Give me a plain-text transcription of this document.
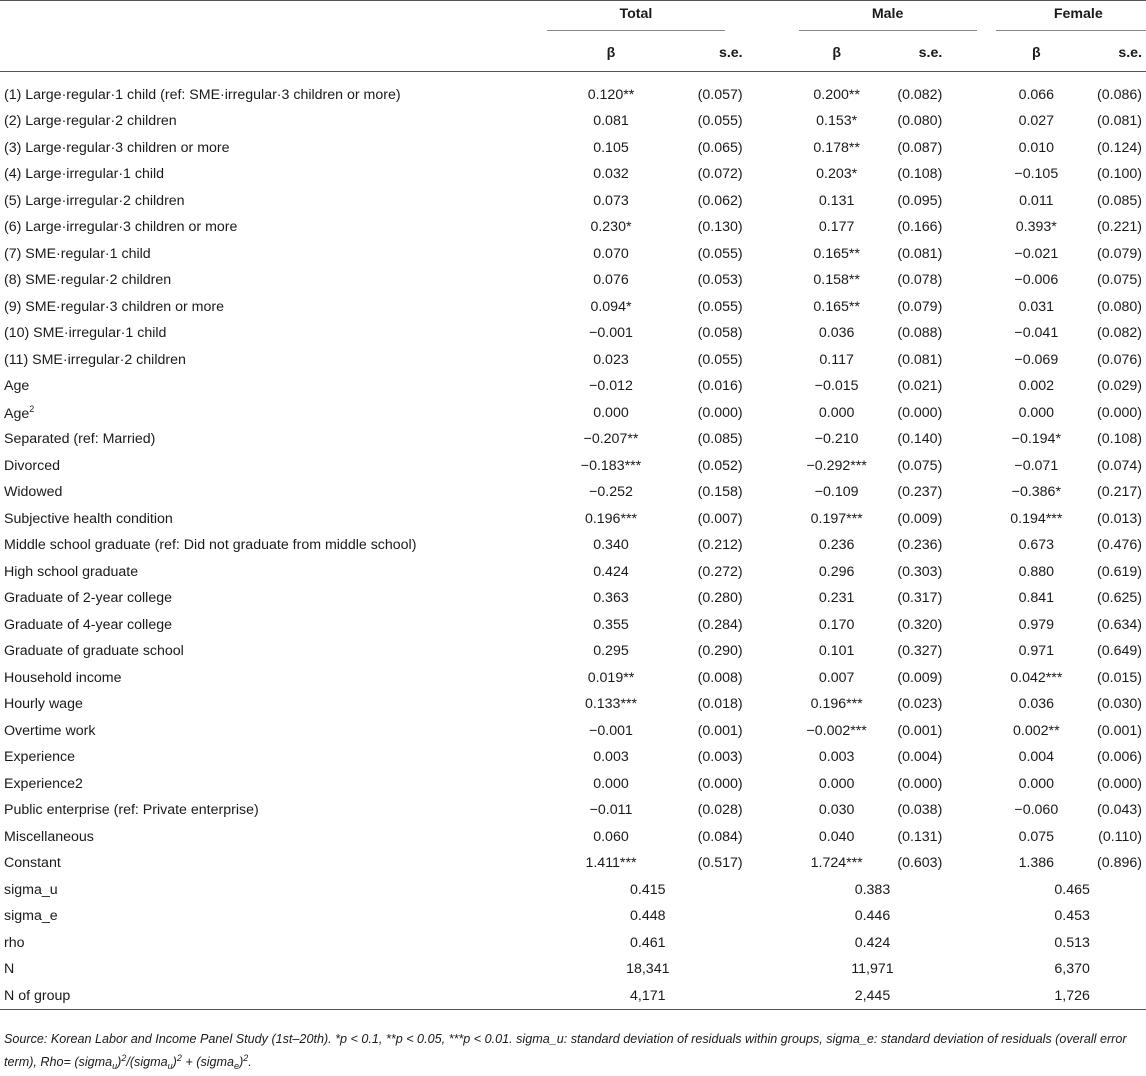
	Total		Male		Female	

	β	s.e.		β	s.e.		β	s.e.

(1) Large·regular·1 child (ref: SME·irregular·3 children or more)	0.120**	(0.057)		0.200**	(0.082)		0.066	(0.086)
(2) Large·regular·2 children	0.081	(0.055)		0.153*	(0.080)		0.027	(0.081)
(3) Large·regular·3 children or more	0.105	(0.065)		0.178**	(0.087)		0.010	(0.124)
(4) Large·irregular·1 child	0.032	(0.072)		0.203*	(0.108)		−0.105	(0.100)
(5) Large·irregular·2 children	0.073	(0.062)		0.131	(0.095)		0.011	(0.085)
(6) Large·irregular·3 children or more	0.230*	(0.130)		0.177	(0.166)		0.393*	(0.221)
(7) SME·regular·1 child	0.070	(0.055)		0.165**	(0.081)		−0.021	(0.079)
(8) SME·regular·2 children	0.076	(0.053)		0.158**	(0.078)		−0.006	(0.075)
(9) SME·regular·3 children or more	0.094*	(0.055)		0.165**	(0.079)		0.031	(0.080)
(10) SME·irregular·1 child	−0.001	(0.058)		0.036	(0.088)		−0.041	(0.082)
(11) SME·irregular·2 children	0.023	(0.055)		0.117	(0.081)		−0.069	(0.076)
Age	−0.012	(0.016)		−0.015	(0.021)		0.002	(0.029)
Age$^2$	0.000	(0.000)		0.000	(0.000)		0.000	(0.000)
Separated (ref: Married)	−0.207**	(0.085)		−0.210	(0.140)		−0.194*	(0.108)
Divorced	−0.183***	(0.052)		−0.292***	(0.075)		−0.071	(0.074)
Widowed	−0.252	(0.158)		−0.109	(0.237)		−0.386*	(0.217)
Subjective health condition	0.196***	(0.007)		0.197***	(0.009)		0.194***	(0.013)
Middle school graduate (ref: Did not graduate from middle school)	0.340	(0.212)		0.236	(0.236)		0.673	(0.476)
High school graduate	0.424	(0.272)		0.296	(0.303)		0.880	(0.619)
Graduate of 2-year college	0.363	(0.280)		0.231	(0.317)		0.841	(0.625)
Graduate of 4-year college	0.355	(0.284)		0.170	(0.320)		0.979	(0.634)
Graduate of graduate school	0.295	(0.290)		0.101	(0.327)		0.971	(0.649)
Household income	0.019**	(0.008)		0.007	(0.009)		0.042***	(0.015)
Hourly wage	0.133***	(0.018)		0.196***	(0.023)		0.036	(0.030)
Overtime work	−0.001	(0.001)		−0.002***	(0.001)		0.002**	(0.001)
Experience	0.003	(0.003)		0.003	(0.004)		0.004	(0.006)
Experience2	0.000	(0.000)		0.000	(0.000)		0.000	(0.000)
Public enterprise (ref: Private enterprise)	−0.011	(0.028)		0.030	(0.038)		−0.060	(0.043)
Miscellaneous	0.060	(0.084)		0.040	(0.131)		0.075	(0.110)
Constant	1.411***	(0.517)		1.724***	(0.603)		1.386	(0.896)
sigma_u	0.415		0.383		0.465	
sigma_e	0.448		0.446		0.453	
rho	0.461		0.424		0.513	
N	18,341		11,971		6,370	
N of group	4,171		2,445		1,726	

Source: Korean Labor and Income Panel Study (1st–20th). *p < 0.1, **p < 0.05, ***p < 0.01. sigma_u: standard deviation of residuals within groups, sigma_e: standard deviation of residuals (overall error term), Rho= (sigma$_u$)$^2$/(sigma$_u$)$^2$ + (sigma$_e$)$^2$.
